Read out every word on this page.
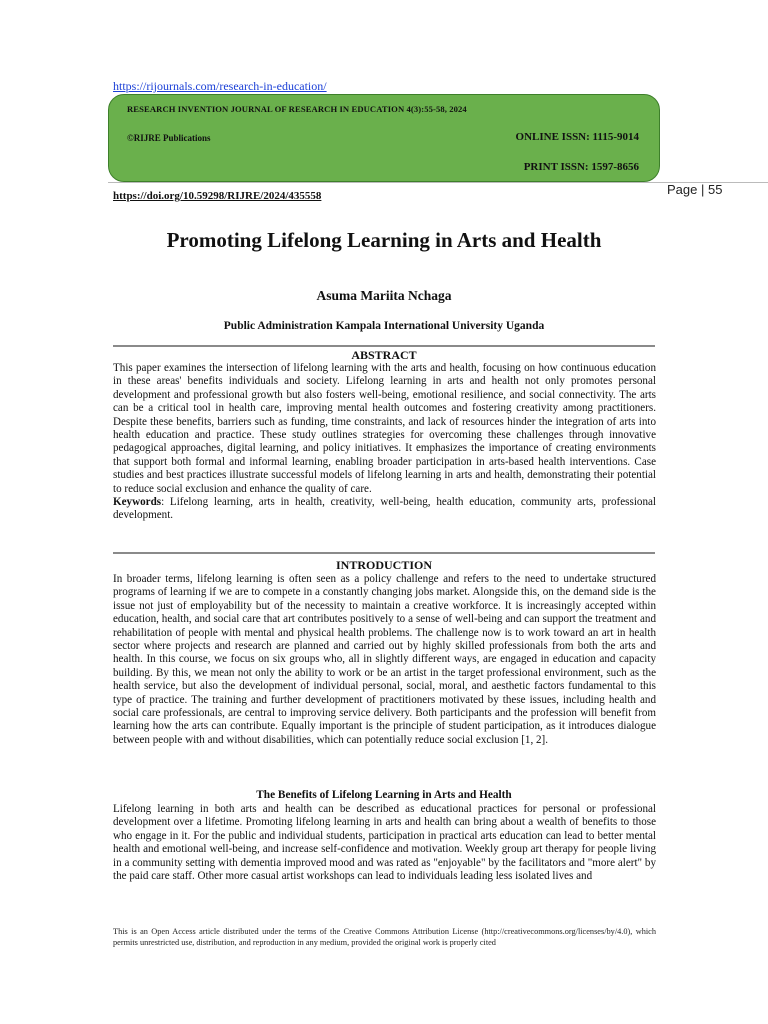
https://rijournals.com/research-in-education/
RESEARCH INVENTION JOURNAL OF RESEARCH IN EDUCATION 4(3):55-58, 2024
©RIJRE Publications	ONLINE ISSN: 1115-9014
PRINT ISSN: 1597-8656
https://doi.org/10.59298/RIJRE/2024/435558	Page | 55
Promoting Lifelong Learning in Arts and Health
Asuma Mariita Nchaga
Public Administration Kampala International University Uganda
ABSTRACT

This paper examines the intersection of lifelong learning with the arts and health, focusing on how continuous education in these areas' benefits individuals and society. Lifelong learning in arts and health not only promotes personal development and professional growth but also fosters well-being, emotional resilience, and social connectivity. The arts can be a critical tool in health care, improving mental health outcomes and fostering creativity among practitioners. Despite these benefits, barriers such as funding, time constraints, and lack of resources hinder the integration of arts into health education and practice. These study outlines strategies for overcoming these challenges through innovative pedagogical approaches, digital learning, and policy initiatives. It emphasizes the importance of creating environments that support both formal and informal learning, enabling broader participation in arts-based health interventions. Case studies and best practices illustrate successful models of lifelong learning in arts and health, demonstrating their potential to reduce social exclusion and enhance the quality of care.

Keywords: Lifelong learning, arts in health, creativity, well-being, health education, community arts, professional development.

INTRODUCTION

In broader terms, lifelong learning is often seen as a policy challenge and refers to the need to undertake structured programs of learning if we are to compete in a constantly changing jobs market. Alongside this, on the demand side is the issue not just of employability but of the necessity to maintain a creative workforce. It is increasingly accepted within education, health, and social care that art contributes positively to a sense of well-being and can support the treatment and rehabilitation of people with mental and physical health problems. The challenge now is to work toward an art in health sector where projects and research are planned and carried out by highly skilled professionals from both the arts and health. In this course, we focus on six groups who, all in slightly different ways, are engaged in education and capacity building. By this, we mean not only the ability to work or be an artist in the target professional environment, such as the health service, but also the development of individual personal, social, moral, and aesthetic factors fundamental to this type of practice. The training and further development of practitioners motivated by these issues, including health and social care professionals, are central to improving service delivery. Both participants and the profession will benefit from learning how the arts can contribute. Equally important is the principle of student participation, as it introduces dialogue between people with and without disabilities, which can potentially reduce social exclusion [1, 2].

The Benefits of Lifelong Learning in Arts and Health

Lifelong learning in both arts and health can be described as educational practices for personal or professional development over a lifetime. Promoting lifelong learning in arts and health can bring about a wealth of benefits to those who engage in it. For the public and individual students, participation in practical arts education can lead to better mental health and emotional well-being, and increase self-confidence and motivation. Weekly group art therapy for people living in a community setting with dementia improved mood and was rated as "enjoyable" by the facilitators and "more alert" by the paid care staff. Other more casual artist workshops can lead to individuals leading less isolated lives and

This is an Open Access article distributed under the terms of the Creative Commons Attribution License (http://creativecommons.org/licenses/by/4.0), which permits unrestricted use, distribution, and reproduction in any medium, provided the original work is properly cited
